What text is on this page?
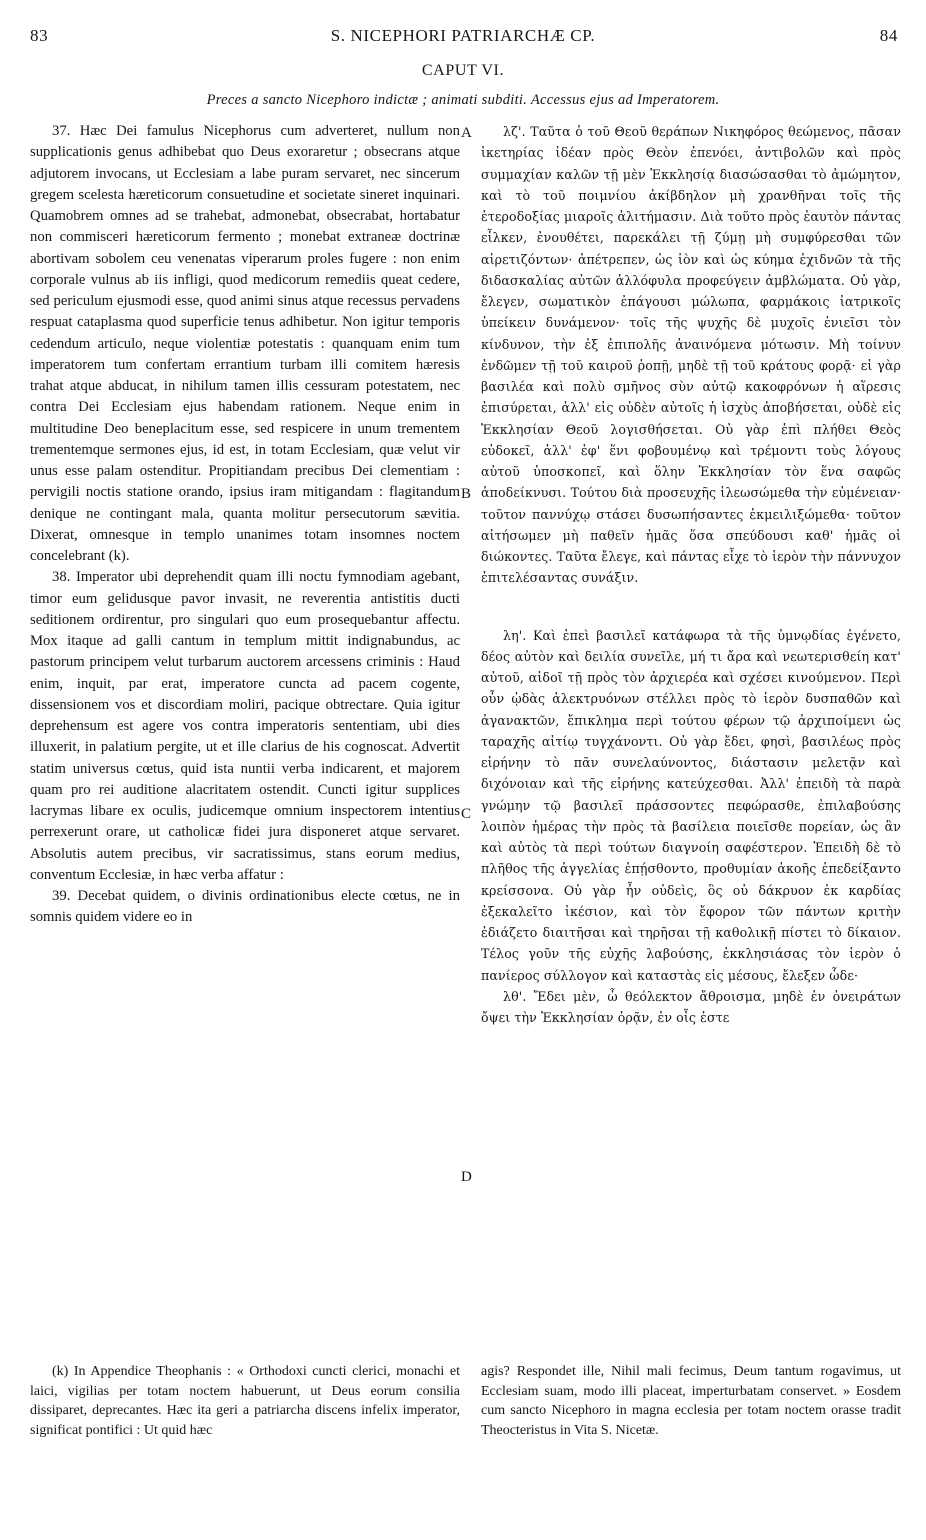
83	S. NICEPHORI PATRIARCHÆ CP.	84
CAPUT VI.
Preces a sancto Nicephoro indictæ ; animati subditi. Accessus ejus ad Imperatorem.

37. Hæc Dei famulus Nicephorus cum adverteret, nullum non supplicationis genus adhibebat quo Deus exoraretur ; obsecrans atque adjutorem invocans, ut Ecclesiam a labe puram servaret, nec sincerum gregem scelesta hæreticorum consuetudine et societate sineret inquinari. Quamobrem omnes ad se trahebat, admonebat, obsecrabat, hortabatur non commisceri hæreticorum fermento ; monebat extraneæ doctrinæ abortivam sobolem ceu venenatas viperarum proles fugere : non enim corporale vulnus ab iis infligi, quod medicorum remediis queat cedere, sed periculum ejusmodi esse, quod animi sinus atque recessus pervadens respuat cataplasma quod superficie tenus adhibetur. Non igitur temporis cedendum articulo, neque violentiæ potestatis : quanquam enim tum imperatorem tum confertam errantium turbam illi comitem hæresis trahat atque abducat, in nihilum tamen illis cessuram potestatem, nec contra Dei Ecclesiam ejus habendam rationem. Neque enim in multitudine Deo beneplacitum esse, sed respicere in unum trementem trementemque sermones ejus, id est, in totam Ecclesiam, quæ velut vir unus esse palam ostenditur. Propitiandam precibus Dei clementiam : pervigili noctis statione orando, ipsius iram mitigandam : flagitandum denique ne contingant mala, quanta molitur persecutorum sævitia. Dixerat, omnesque in templo unanimes totam insomnes noctem concelebrant (k).

38. Imperator ubi deprehendit quam illi noctu fymnodiam agebant, timor eum gelidusque pavor invasit, ne reverentia antistitis ducti seditionem ordirentur, pro singulari quo eum prosequebantur affectu. Mox itaque ad galli cantum in templum mittit indignabundus, ac pastorum principem velut turbarum auctorem arcessens criminis : Haud enim, inquit, par erat, imperatore cuncta ad pacem cogente, dissensionem vos et discordiam moliri, pacique obtrectare. Quia igitur deprehensum est agere vos contra imperatoris sententiam, ubi dies illuxerit, in palatium pergite, ut et ille clarius de his cognoscat. Advertit statim universus cœtus, quid ista nuntii verba indicarent, et majorem quam pro rei auditione alacritatem ostendit. Cuncti igitur supplices lacrymas libare ex oculis, judicemque omnium inspectorem intentius perrexerunt orare, ut catholicæ fidei jura disponeret atque servaret. Absolutis autem precibus, vir sacratissimus, stans eorum medius, conventum Ecclesiæ, in hæc verba affatur :

39. Decebat quidem, o divinis ordinationibus electe cœtus, ne in somnis quidem videre eo in

A
B
C
D

λζ'. Ταῦτα ὁ τοῦ Θεοῦ θεράπων Νικηφόρος θεώμενος, πᾶσαν ἱκετηρίας ἰδέαν πρὸς Θεὸν ἐπενόει, ἀντιβολῶν καὶ πρὸς συμμαχίαν καλῶν τῇ μὲν Ἐκκλησίᾳ διασώσασθαι τὸ ἀμώμητον, καὶ τὸ τοῦ ποιμνίου ἀκίβδηλον μὴ χρανθῆναι τοῖς τῆς ἑτεροδοξίας μιαροῖς ἀλιτήμασιν. Διὰ τοῦτο πρὸς ἑαυτὸν πάντας εἷλκεν, ἐνουθέτει, παρεκάλει τῇ ζύμῃ μὴ συμφύρεσθαι τῶν αἱρετιζόντων· ἀπέτρεπεν, ὡς ἰὸν καὶ ὡς κύημα ἐχιδνῶν τὰ τῆς διδασκαλίας αὐτῶν ἀλλόφυλα προφεύγειν ἀμβλώματα. Οὐ γὰρ, ἔλεγεν, σωματικὸν ἐπάγουσι μώλωπα, φαρμάκοις ἰατρικοῖς ὑπείκειν δυνάμενον· τοῖς τῆς ψυχῆς δὲ μυχοῖς ἐνιεῖσι τὸν κίνδυνον, τὴν ἐξ ἐπιπολῆς ἀναινόμενα μότωσιν. Μὴ τοίνυν ἐνδῶμεν τῇ τοῦ καιροῦ ῥοπῇ, μηδὲ τῇ τοῦ κράτους φορᾷ· εἰ γὰρ βασιλέα καὶ πολὺ σμῆνος σὺν αὐτῷ κακοφρόνων ἡ αἵρεσις ἐπισύρεται, ἀλλ' εἰς οὐδὲν αὐτοῖς ἡ ἰσχὺς ἀποβήσεται, οὐδὲ εἰς Ἐκκλησίαν Θεοῦ λογισθήσεται. Οὐ γὰρ ἐπὶ πλήθει Θεὸς εὐδοκεῖ, ἀλλ' ἐφ' ἕνι φοβουμένῳ καὶ τρέμοντι τοὺς λόγους αὐτοῦ ὑποσκοπεῖ, καὶ ὅλην Ἐκκλησίαν τὸν ἕνα σαφῶς ἀποδείκνυσι. Τούτου διὰ προσευχῆς ἱλεωσώμεθα τὴν εὐμένειαν· τοῦτον παννύχῳ στάσει δυσωπήσαντες ἐκμειλιξώμεθα· τοῦτον αἰτήσωμεν μὴ παθεῖν ἡμᾶς ὅσα σπεύδουσι καθ' ἡμᾶς οἱ διώκοντες. Ταῦτα ἔλεγε, καὶ πάντας εἶχε τὸ ἱερὸν τὴν πάννυχον ἐπιτελέσαντας συνάξιν.

λη'. Καὶ ἐπεὶ βασιλεῖ κατάφωρα τὰ τῆς ὑμνῳδίας ἐγένετο, δέος αὐτὸν καὶ δειλία συνεῖλε, μή τι ἄρα καὶ νεωτερισθείη κατ' αὐτοῦ, αἰδοῖ τῇ πρὸς τὸν ἀρχιερέα καὶ σχέσει κινούμενον. Περὶ οὖν ᾠδὰς ἀλεκτρυόνων στέλλει πρὸς τὸ ἱερὸν δυσπαθῶν καὶ ἀγανακτῶν, ἔπικλημα περὶ τούτου φέρων τῷ ἀρχιποίμενι ὡς ταραχῆς αἰτίῳ τυγχάνοντι. Οὐ γὰρ ἔδει, φησὶ, βασιλέως πρὸς εἰρήνην τὸ πᾶν συνελαύνοντος, διάστασιν μελετᾷν καὶ διχόνοιαν καὶ τῆς εἰρήνης κατεύχεσθαι. Ἀλλ' ἐπειδὴ τὰ παρὰ γνώμην τῷ βασιλεῖ πράσσοντες πεφώρασθε, ἐπιλαβούσης λοιπὸν ἡμέρας τὴν πρὸς τὰ βασίλεια ποιεῖσθε πορείαν, ὡς ἂν καὶ αὐτὸς τὰ περὶ τούτων διαγνοίη σαφέστερον. Ἐπειδὴ δὲ τὸ πλῆθος τῆς ἀγγελίας ἐπῄσθοντο, προθυμίαν ἀκοῆς ἐπεδείξαντο κρείσσονα. Οὐ γὰρ ἦν οὐδεὶς, ὃς οὐ δάκρυον ἐκ καρδίας ἐξεκαλεῖτο ἱκέσιον, καὶ τὸν ἔφορον τῶν πάντων κριτὴν ἐδιάζετο διαιτῆσαι καὶ τηρῆσαι τῇ καθολικῇ πίστει τὸ δίκαιον. Τέλος γοῦν τῆς εὐχῆς λαβούσης, ἐκκλησιάσας τὸν ἱερὸν ὁ πανίερος σύλλογον καὶ καταστὰς εἰς μέσους, ἔλεξεν ὧδε·

λθ'. Ἔδει μὲν, ὦ θεόλεκτον ἄθροισμα, μηδὲ ἐν ὀνειράτων ὄψει τὴν Ἐκκλησίαν ὁρᾷν, ἐν οἷς ἐστε

(k) In Appendice Theophanis : « Orthodoxi cuncti clerici, monachi et laici, vigilias per totam noctem habuerunt, ut Deus eorum consilia dissiparet, deprecantes. Hæc ita geri a patriarcha discens infelix imperator, significat pontifici : Ut quid hæc

agis? Respondet ille, Nihil mali fecimus, Deum tantum rogavimus, ut Ecclesiam suam, modo illi placeat, imperturbatam conservet. » Eosdem cum sancto Nicephoro in magna ecclesia per totam noctem orasse tradit Theocteristus in Vita S. Nicetæ.
